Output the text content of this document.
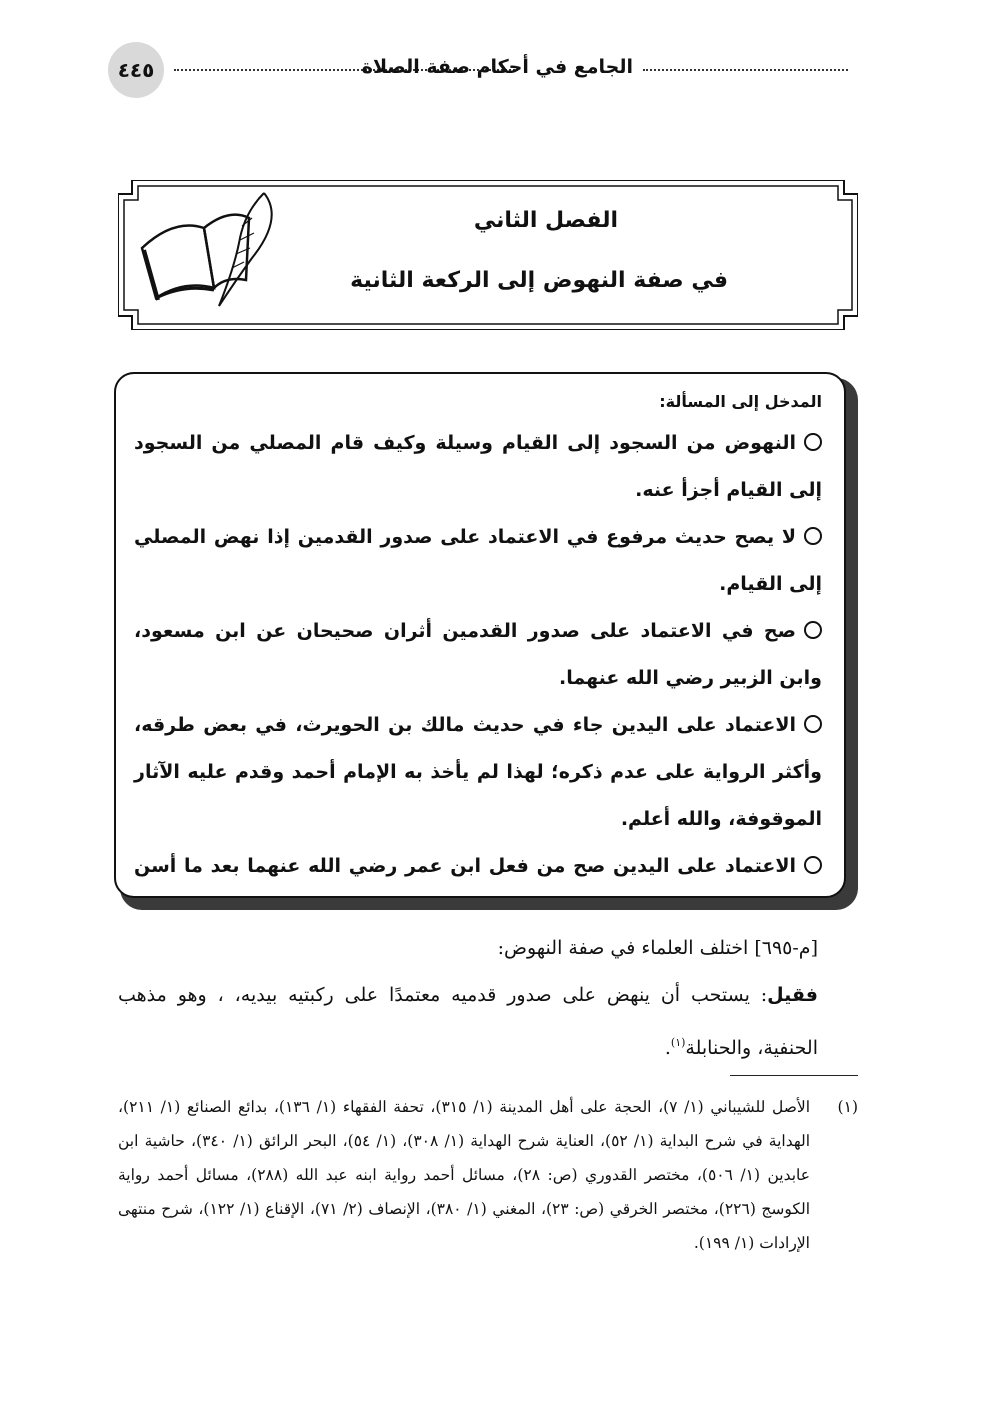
٤٤٥	الجامع في أحكام صفة الصلاة
الفصل الثاني
في صفة النهوض إلى الركعة الثانية
المدخل إلى المسألة:

النهوض من السجود إلى القيام وسيلة وكيف قام المصلي من السجود إلى القيام أجزأ عنه.

لا يصح حديث مرفوع في الاعتماد على صدور القدمين إذا نهض المصلي إلى القيام.

صح في الاعتماد على صدور القدمين أثران صحيحان عن ابن مسعود، وابن الزبير رضي الله عنهما.

الاعتماد على اليدين جاء في حديث مالك بن الحويرث، في بعض طرقه، وأكثر الرواية على عدم ذكره؛ لهذا لم يأخذ به الإمام أحمد وقدم عليه الآثار الموقوفة، والله أعلم.

الاعتماد على اليدين صح من فعل ابن عمر رضي الله عنهما بعد ما أسن

[م-٦٩٥] اختلف العلماء في صفة النهوض:

فقيل: يستحب أن ينهض على صدور قدميه معتمدًا على ركبتيه بيديه، ، وهو مذهب الحنفية، والحنابلة$^{(١)}$.

(١)
الأصل للشيباني (١/ ٧)، الحجة على أهل المدينة (١/ ٣١٥)، تحفة الفقهاء (١/ ١٣٦)، بدائع الصنائع (١/ ٢١١)، الهداية في شرح البداية (١/ ٥٢)، العناية شرح الهداية (١/ ٣٠٨)، (١/ ٥٤)، البحر الرائق (١/ ٣٤٠)، حاشية ابن عابدين (١/ ٥٠٦)، مختصر القدوري (ص: ٢٨)، مسائل أحمد رواية ابنه عبد الله (٢٨٨)، مسائل أحمد رواية الكوسج (٢٢٦)، مختصر الخرقي (ص: ٢٣)، المغني (١/ ٣٨٠)، الإنصاف (٢/ ٧١)، الإقناع (١/ ١٢٢)، شرح منتهى الإرادات (١/ ١٩٩).
